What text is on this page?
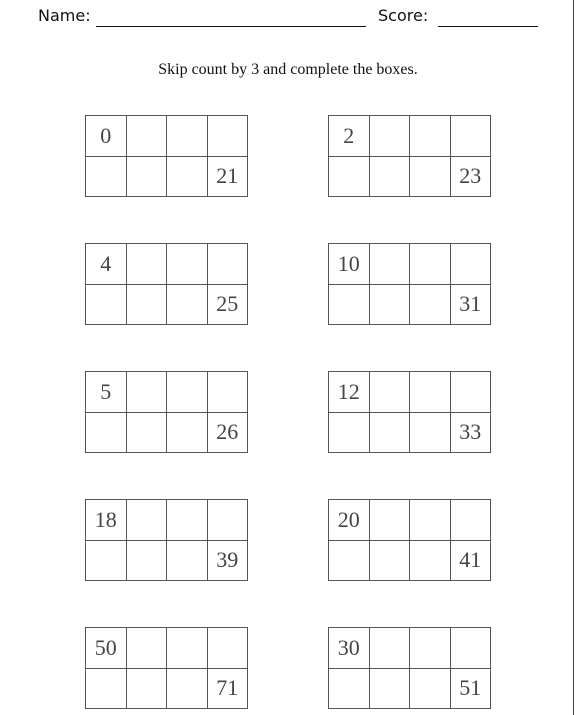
Name:	Score:
Skip count by 3 and complete the boxes.
0
21
2
23
4
25
10
31
5
26
12
33
18
39
20
41
50
71
30
51
